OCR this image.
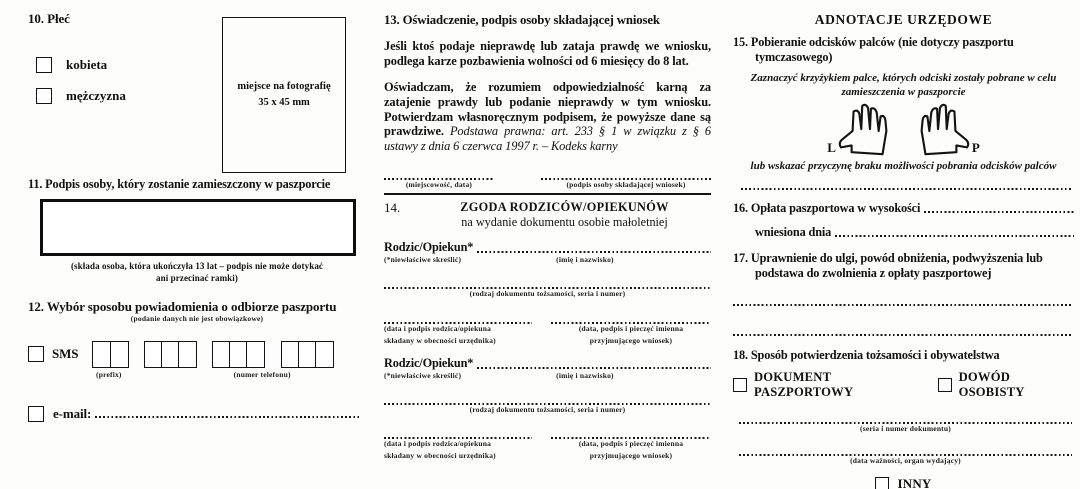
10. Płeć
kobieta
mężczyzna
miejsce na fotografię
35 x 45 mm
11. Podpis osoby, który zostanie zamieszczony w paszporcie
(składa osoba, która ukończyła 13 lat – podpis nie może dotykać
ani przecinać ramki)
12. Wybór sposobu powiadomienia o odbiorze paszportu
(podanie danych nie jest obowiązkowe)
SMS
(prefix)	(numer telefonu)
e-mail:
13. Oświadczenie, podpis osoby składającej wniosek

Jeśli ktoś podaje nieprawdę lub zataja prawdę we wniosku, podlega karze pozbawienia wolności od 6 miesięcy do 8 lat.

Oświadczam, że rozumiem odpowiedzialność karną za zatajenie prawdy lub podanie nieprawdy w tym wniosku. Potwierdzam własnoręcznym podpisem, że powyższe dane są prawdziwe. Podstawa prawna: art. 233 § 1 w związku z § 6 ustawy z dnia 6 czerwca 1997 r. – Kodeks karny

(miejscowość, data)	(podpis osoby składającej wniosek)
14.	ZGODA RODZICÓW/OPIEKUNÓW
na wydanie dokumentu osobie małoletniej
Rodzic/Opiekun*
(*niewłaściwe skreślić)	(imię i nazwisko)
(rodzaj dokumentu tożsamości, seria i numer)
(data i podpis rodzica/opiekuna
składany w obecności urzędnika)
(data, podpis i pieczęć imienna
przyjmującego wniosek)
Rodzic/Opiekun*
(*niewłaściwe skreślić)	(imię i nazwisko)
(rodzaj dokumentu tożsamości, seria i numer)
(data i podpis rodzica/opiekuna
składany w obecności urzędnika)
(data, podpis i pieczęć imienna
przyjmującego wniosek)
ADNOTACJE URZĘDOWE
15. Pobieranie odcisków palców (nie dotyczy paszportu tymczasowego)
Zaznaczyć krzyżykiem palce, których odciski zostały pobrane w celu zamieszczenia w paszporcie
L	P
lub wskazać przyczynę braku możliwości pobrania odcisków palców
16. Opłata paszportowa w wysokości
wniesiona dnia
17. Uprawnienie do ulgi, powód obniżenia, podwyższenia lub podstawa do zwolnienia z opłaty paszportowej
18. Sposób potwierdzenia tożsamości i obywatelstwa
DOKUMENT PASZPORTOWY
DOWÓD OSOBISTY
(seria i numer dokumentu)
(data ważności, organ wydający)
INNY
